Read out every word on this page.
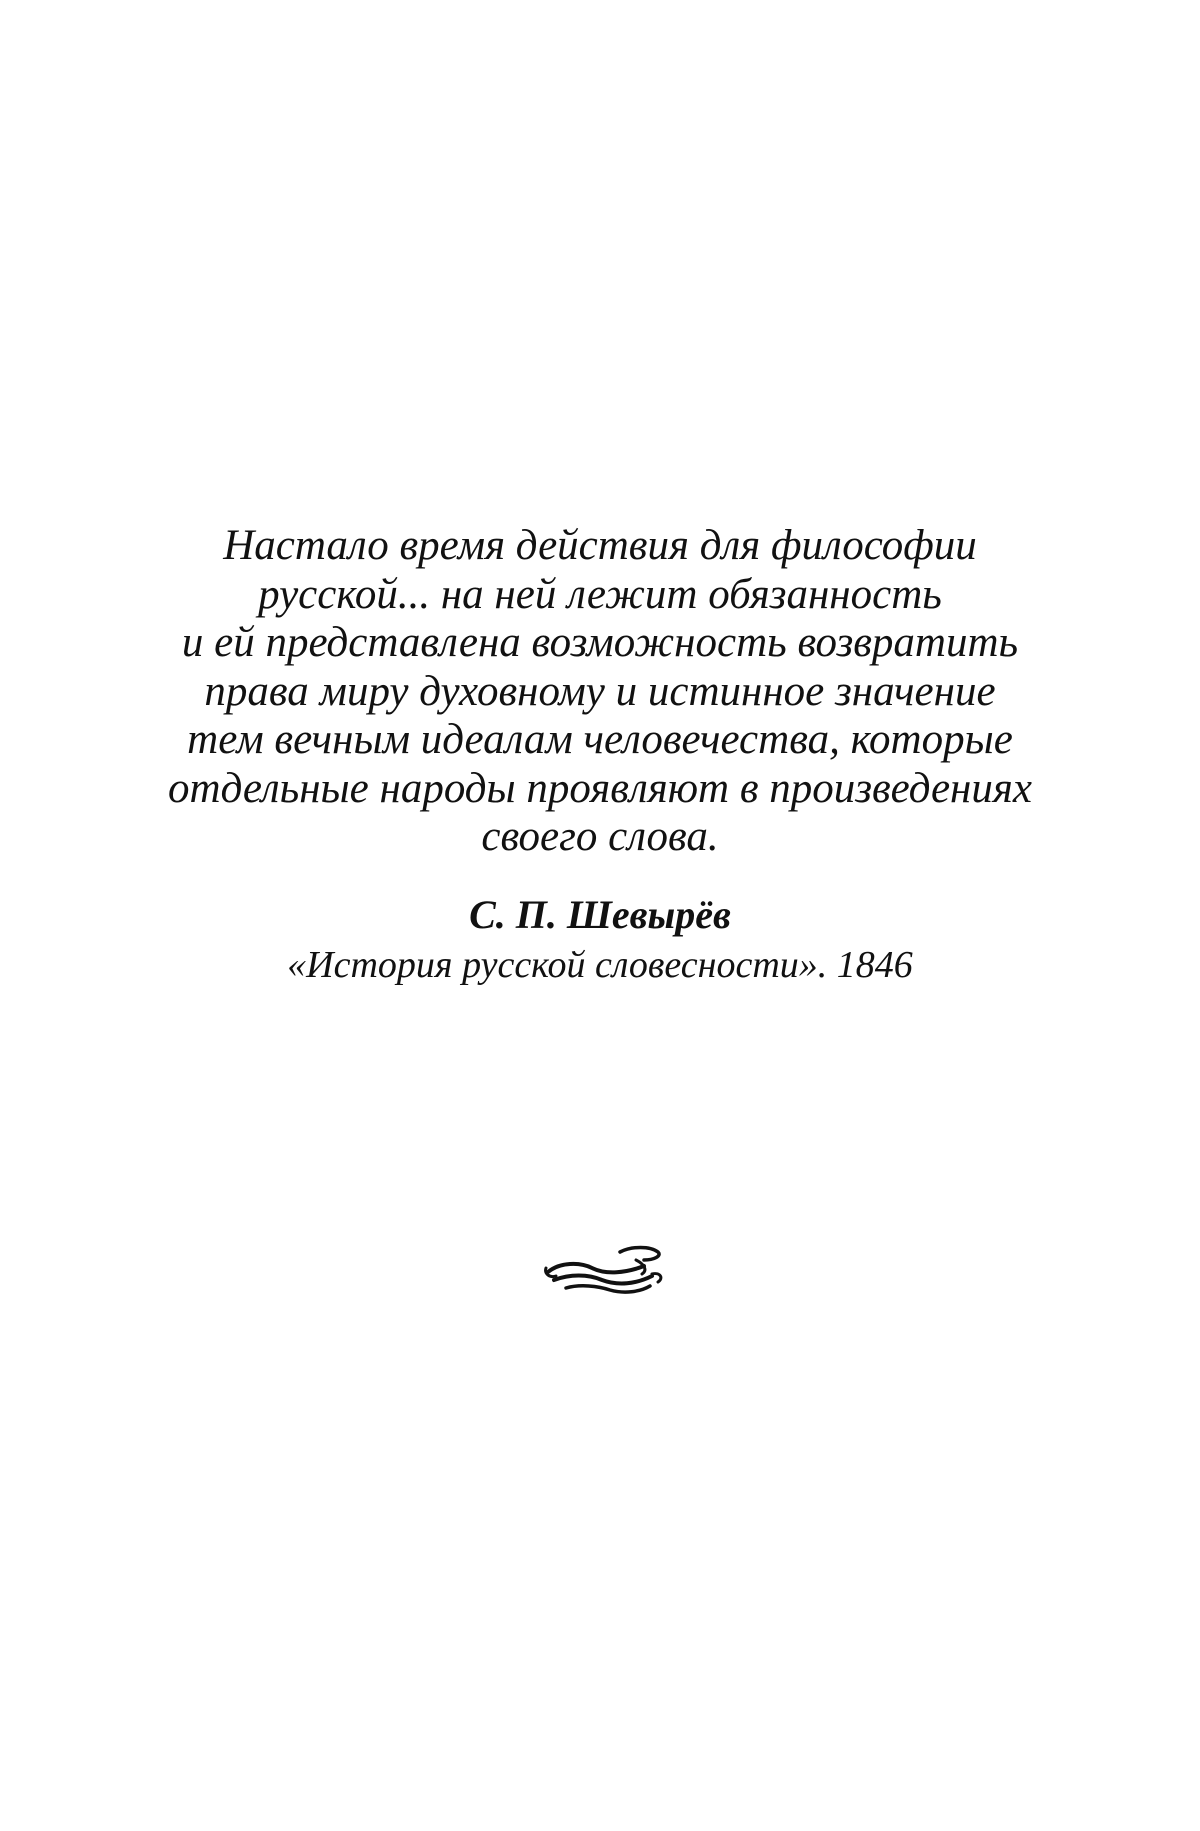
Настало время действия для философии
русской... на ней лежит обязанность
и ей представлена возможность возвратить
права миру духовному и истинное значение
тем вечным идеалам человечества, которые
отдельные народы проявляют в произведениях
своего слова.
С. П. Шевырёв
«История русской словесности». 1846
